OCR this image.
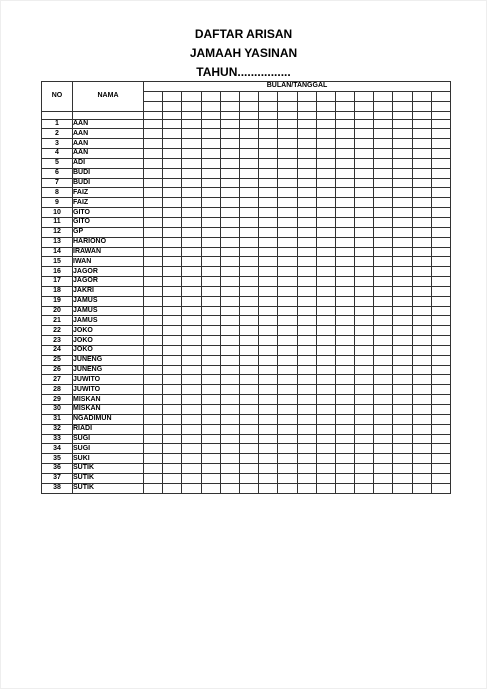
DAFTAR ARISAN
JAMAAH YASINAN
TAHUN................
NO	NAMA	BULAN/TANGGAL															

1	AAN																
2	AAN																
3	AAN																
4	AAN																
5	ADI																
6	BUDI																
7	BUDI																
8	FAIZ																
9	FAIZ																
10	GITO																
11	GITO																
12	GP																
13	HARIONO																
14	IRAWAN																
15	IWAN																
16	JAGOR																
17	JAGOR																
18	JAKRI																
19	JAMUS																
20	JAMUS																
21	JAMUS																
22	JOKO																
23	JOKO																
24	JOKO																
25	JUNENG																
26	JUNENG																
27	JUWITO																
28	JUWITO																
29	MISKAN																
30	MISKAN																
31	NGADIMUN																
32	RIADI																
33	SUGI																
34	SUGI																
35	SUKI																
36	SUTIK																
37	SUTIK																
38	SUTIK																
